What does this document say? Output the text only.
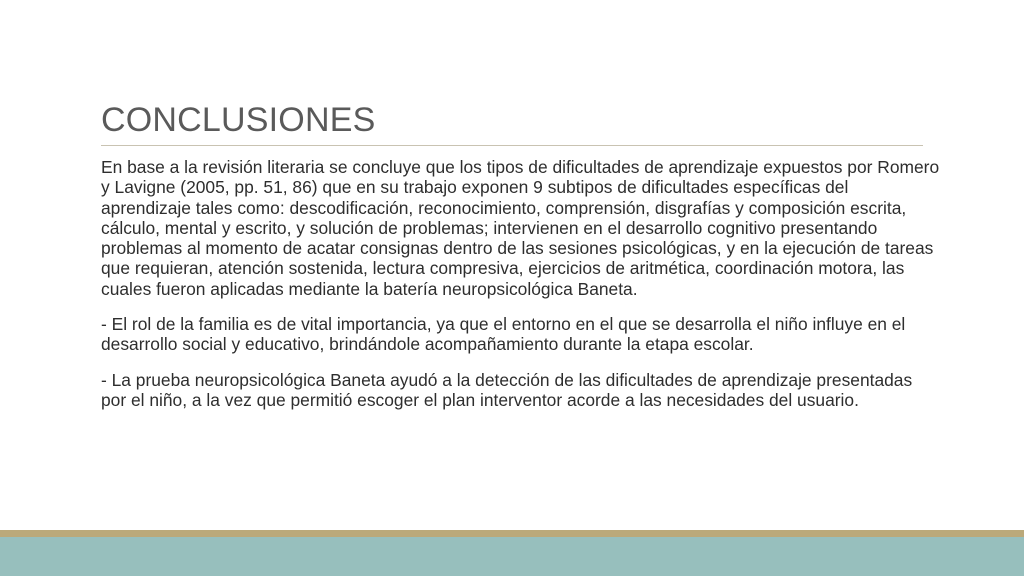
CONCLUSIONES

En base a la revisión literaria se concluye que los tipos de dificultades de aprendizaje expuestos por Romero y Lavigne (2005, pp. 51, 86) que en su trabajo exponen 9 subtipos de dificultades específicas del aprendizaje tales como: descodificación, reconocimiento, comprensión, disgrafías y composición escrita, cálculo, mental y escrito, y solución de problemas; intervienen en el desarrollo cognitivo presentando problemas al momento de acatar consignas dentro de las sesiones psicológicas, y en la ejecución de tareas que requieran, atención sostenida, lectura compresiva, ejercicios de aritmética, coordinación motora, las cuales fueron aplicadas mediante la batería neuropsicológica Baneta.

- El rol de la familia es de vital importancia, ya que el entorno en el que se desarrolla el niño influye en el desarrollo social y educativo, brindándole acompañamiento durante la etapa escolar.

- La prueba neuropsicológica Baneta ayudó a la detección de las dificultades de aprendizaje presentadas por el niño, a la vez que permitió escoger el plan interventor acorde a las necesidades del usuario.
